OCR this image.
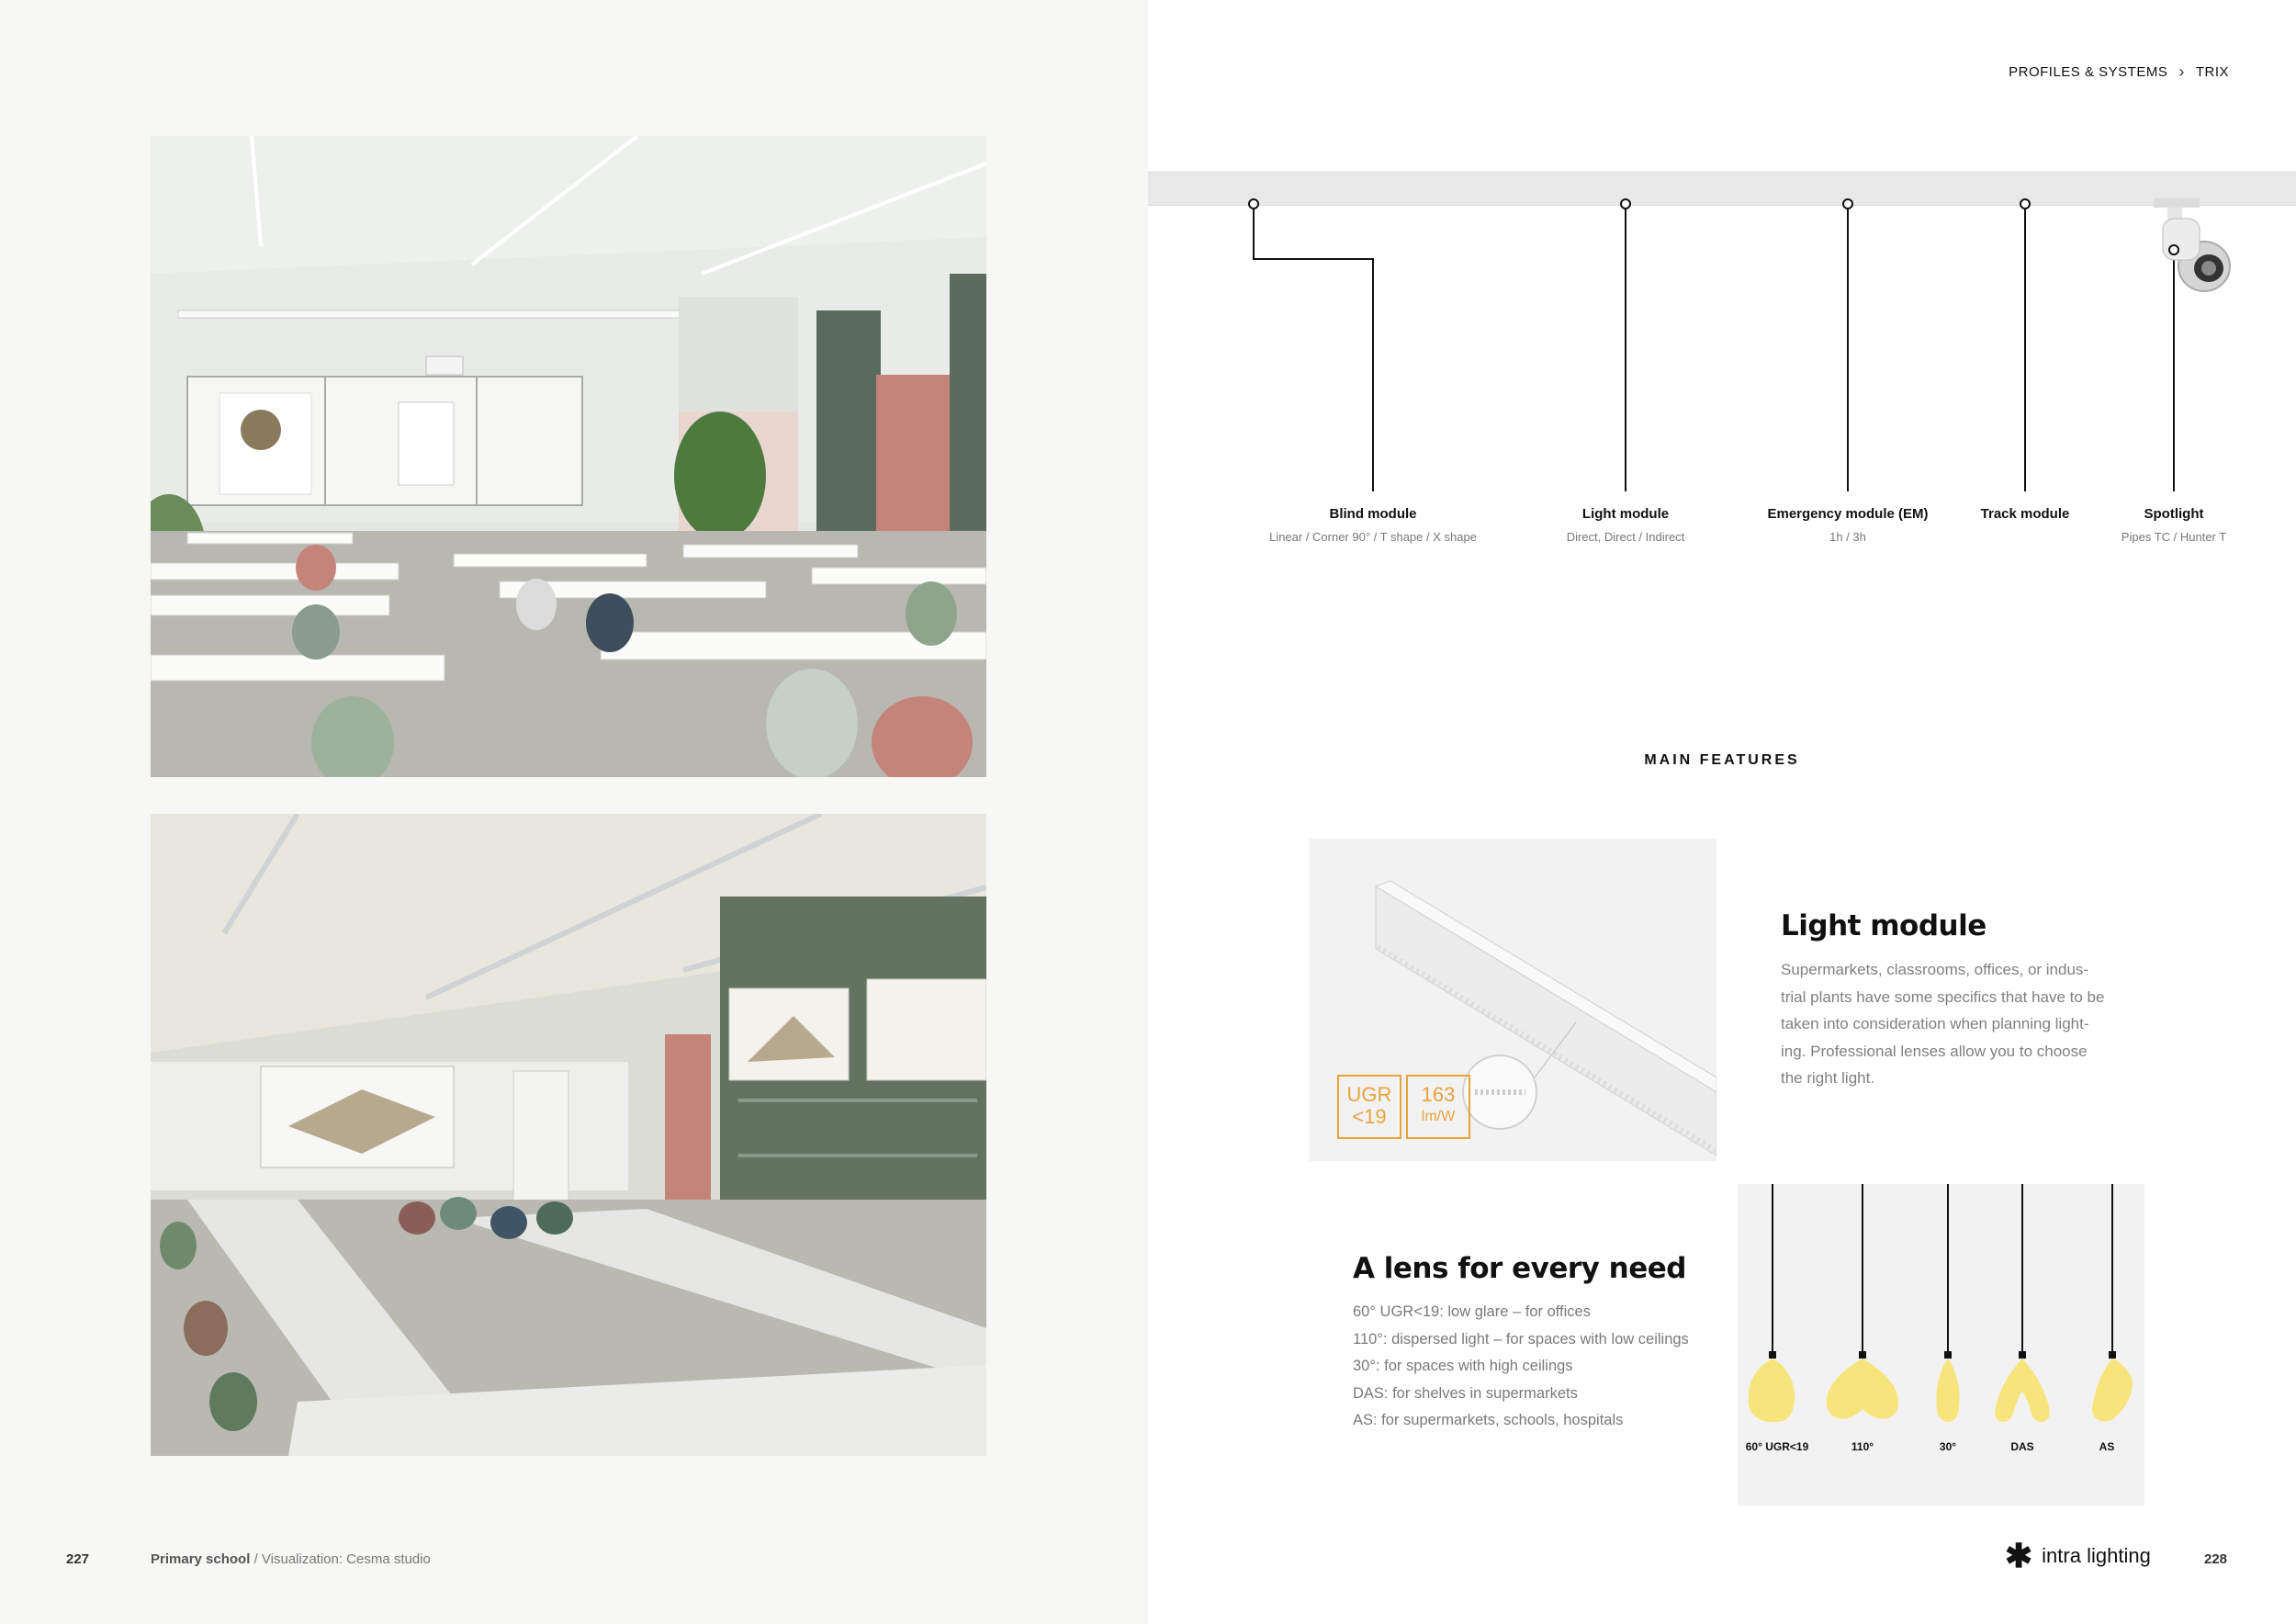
227	Primary school / Visualization: Cesma studio
PROFILES & SYSTEMS › TRIX
Blind module
Linear / Corner 90° / T shape / X shape
Light module
Direct, Direct / Indirect
Emergency module (EM)
1h / 3h
Track module	Spotlight
Pipes TC / Hunter T
MAIN FEATURES
UGR
<19
163
lm/W
Light module
Supermarkets, classrooms, offices, or indus-
trial plants have some specifics that have to be
taken into consideration when planning light-
ing. Professional lenses allow you to choose
the right light.
A lens for every need
60° UGR<19: low glare – for offices
110°: dispersed light – for spaces with low ceilings
30°: for spaces with high ceilings
DAS: for shelves in supermarkets
AS: for supermarkets, schools, hospitals
60° UGR<19	110°	30°	DAS	AS
✱ intra lighting	228
